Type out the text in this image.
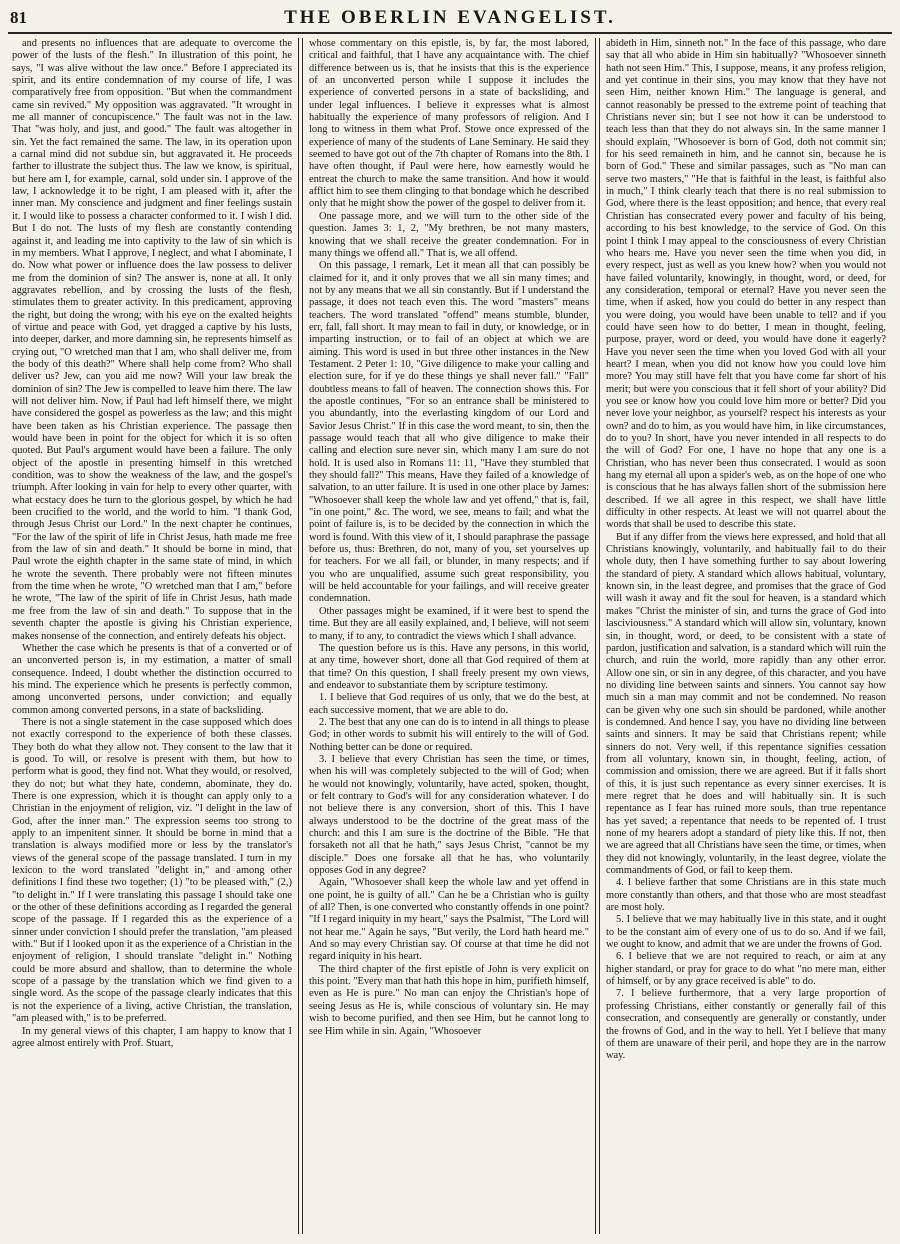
81	THE OBERLIN EVANGELIST.

and presents no influences that are adequate to overcome the power of the lusts of the flesh." In illustration of this point, he says, "I was alive without the law once." Before I appreciated its spirit, and its entire condemnation of my course of life, I was comparatively free from opposition. "But when the commandment came sin revived." My opposition was aggravated. "It wrought in me all manner of concupiscence." The fault was not in the law. That "was holy, and just, and good." The fault was altogether in sin. Yet the fact remained the same. The law, in its operation upon a carnal mind did not subdue sin, but aggravated it. He proceeds farther to illustrate the subject thus. The law we know, is spiritual, but here am I, for example, carnal, sold under sin. I approve of the law, I acknowledge it to be right, I am pleased with it, after the inner man. My conscience and judgment and finer feelings sustain it. I would like to possess a character conformed to it. I wish I did. But I do not. The lusts of my flesh are constantly contending against it, and leading me into captivity to the law of sin which is in my members. What I approve, I neglect, and what I abominate, I do. Now what power or influence does the law possess to deliver me from the dominion of sin? The answer is, none at all. It only aggravates rebellion, and by crossing the lusts of the flesh, stimulates them to greater activity. In this predicament, approving the right, but doing the wrong; with his eye on the exalted heights of virtue and peace with God, yet dragged a captive by his lusts, into deeper, darker, and more damning sin, he represents himself as crying out, "O wretched man that I am, who shall deliver me, from the body of this death?" Where shall help come from? Who shall deliver us? Jew, can you aid me now? Will your law break the dominion of sin? The Jew is compelled to leave him there. The law will not deliver him. Now, if Paul had left himself there, we might have considered the gospel as powerless as the law; and this might have been taken as his Christian experience. The passage then would have been in point for the object for which it is so often quoted. But Paul's argument would have been a failure. The only object of the apostle in presenting himself in this wretched condition, was to show the weakness of the law, and the gospel's triumph. After looking in vain for help to every other quarter, with what ecstacy does he turn to the glorious gospel, by which he had been crucified to the world, and the world to him. "I thank God, through Jesus Christ our Lord." In the next chapter he continues, "For the law of the spirit of life in Christ Jesus, hath made me free from the law of sin and death." It should be borne in mind, that Paul wrote the eighth chapter in the same state of mind, in which he wrote the seventh. There probably were not fifteen minutes from the time when he wrote, "O wretched man that I am," before he wrote, "The law of the spirit of life in Christ Jesus, hath made me free from the law of sin and death." To suppose that in the seventh chapter the apostle is giving his Christian experience, makes nonsense of the connection, and entirely defeats his object.

Whether the case which he presents is that of a converted or of an unconverted person is, in my estimation, a matter of small consequence. Indeed, I doubt whether the distinction occurred to his mind. The experience which he presents is perfectly common, among unconverted persons, under conviction; and equally common among converted persons, in a state of backsliding.

There is not a single statement in the case supposed which does not exactly correspond to the experience of both these classes. They both do what they allow not. They consent to the law that it is good. To will, or resolve is present with them, but how to perform what is good, they find not. What they would, or resolved, they do not; but what they hate, condemn, abominate, they do. There is one expression, which it is thought can apply only to a Christian in the enjoyment of religion, viz. "I delight in the law of God, after the inner man." The expression seems too strong to apply to an impenitent sinner. It should be borne in mind that a translation is always modified more or less by the translator's views of the general scope of the passage translated. I turn in my lexicon to the word translated "delight in," and among other definitions I find these two together; (1) "to be pleased with," (2,) "to delight in." If I were translating this passage I should take one or the other of these definitions according as I regarded the general scope of the passage. If I regarded this as the experience of a sinner under conviction I should prefer the translation, "am pleased with." But if I looked upon it as the experience of a Christian in the enjoyment of religion, I should translate "delight in." Nothing could be more absurd and shallow, than to determine the whole scope of a passage by the translation which we find given to a single word. As the scope of the passage clearly indicates that this is not the experience of a living, active Christian, the translation, "am pleased with," is to be preferred.

In my general views of this chapter, I am happy to know that I agree almost entirely with Prof. Stuart,

whose commentary on this epistle, is, by far, the most labored, critical and faithful, that I have any acquaintance with. The chief difference between us is, that he insists that this is the experience of an unconverted person while I suppose it includes the experience of converted persons in a state of backsliding, and under legal influences. I believe it expresses what is almost habitually the experience of many professors of religion. And I long to witness in them what Prof. Stowe once expressed of the experience of many of the students of Lane Seminary. He said they seemed to have got out of the 7th chapter of Romans into the 8th. I have often thought, if Paul were here, how earnestly would he entreat the church to make the same transition. And how it would afflict him to see them clinging to that bondage which he described only that he might show the power of the gospel to deliver from it.

One passage more, and we will turn to the other side of the question. James 3: 1, 2, "My brethren, be not many masters, knowing that we shall receive the greater condemnation. For in many things we offend all." That is, we all offend.

On this passage, I remark, Let it mean all that can possibly be claimed for it, and it only proves that we all sin many times; and not by any means that we all sin constantly. But if I understand the passage, it does not teach even this. The word "masters" means teachers. The word translated "offend" means stumble, blunder, err, fall, fall short. It may mean to fail in duty, or knowledge, or in imparting instruction, or to fail of an object at which we are aiming. This word is used in but three other instances in the New Testament. 2 Peter 1: 10, "Give diligence to make your calling and election sure, for if ye do these things ye shall never fall." "Fall" doubtless means to fall of heaven. The connection shows this. For the apostle continues, "For so an entrance shall be ministered to you abundantly, into the everlasting kingdom of our Lord and Savior Jesus Christ." If in this case the word meant, to sin, then the passage would teach that all who give diligence to make their calling and election sure never sin, which many I am sure do not hold. It is used also in Romans 11: 11, "Have they stumbled that they should fall?" This means, Have they failed of a knowledge of salvation, to an utter failure. It is used in one other place by James: "Whosoever shall keep the whole law and yet offend," that is, fail, "in one point," &c. The word, we see, means to fail; and what the point of failure is, is to be decided by the connection in which the word is found. With this view of it, I should paraphrase the passage before us, thus: Brethren, do not, many of you, set yourselves up for teachers. For we all fail, or blunder, in many respects; and if you who are unqualified, assume such great responsibility, you will be held accountable for your failings, and will receive greater condemnation.

Other passages might be examined, if it were best to spend the time. But they are all easily explained, and, I believe, will not seem to many, if to any, to contradict the views which I shall advance.

The question before us is this. Have any persons, in this world, at any time, however short, done all that God required of them at that time? On this question, I shall freely present my own views, and endeavor to substantiate them by scripture testimony.

1. I believe that God requires of us only, that we do the best, at each successive moment, that we are able to do.

2. The best that any one can do is to intend in all things to please God; in other words to submit his will entirely to the will of God. Nothing better can be done or required.

3. I believe that every Christian has seen the time, or times, when his will was completely subjected to the will of God; when he would not knowingly, voluntarily, have acted, spoken, thought, or felt contrary to God's will for any consideration whatever. I do not believe there is any conversion, short of this. This I have always understood to be the doctrine of the great mass of the church: and this I am sure is the doctrine of the Bible. "He that forsaketh not all that he hath," says Jesus Christ, "cannot be my disciple." Does one forsake all that he has, who voluntarily opposes God in any degree?

Again, "Whosoever shall keep the whole law and yet offend in one point, he is guilty of all." Can he be a Christian who is guilty of all? Then, is one converted who constantly offends in one point? "If I regard iniquity in my heart," says the Psalmist, "The Lord will not hear me." Again he says, "But verily, the Lord hath heard me." And so may every Christian say. Of course at that time he did not regard iniquity in his heart.

The third chapter of the first epistle of John is very explicit on this point. "Every man that hath this hope in him, purifieth himself, even as He is pure." No man can enjoy the Christian's hope of seeing Jesus as He is, while conscious of voluntary sin. He may wish to become purified, and then see Him, but he cannot long to see Him while in sin. Again, "Whosoever

abideth in Him, sinneth not." In the face of this passage, who dare say that all who abide in Him sin habitually? "Whosoever sinneth hath not seen Him." This, I suppose, means, it any profess religion, and yet continue in their sins, you may know that they have not seen Him, neither known Him." The language is general, and cannot reasonably be pressed to the extreme point of teaching that Christians never sin; but I see not how it can be understood to teach less than that they do not always sin. In the same manner I should explain, "Whosoever is born of God, doth not commit sin; for his seed remaineth in him, and he cannot sin, because he is born of God." These and similar passages, such as "No man can serve two masters," "He that is faithful in the least, is faithful also in much," I think clearly teach that there is no real submission to God, where there is the least opposition; and hence, that every real Christian has consecrated every power and faculty of his being, according to his best knowledge, to the service of God. On this point I think I may appeal to the consciousness of every Christian who hears me. Have you never seen the time when you did, in every respect, just as well as you knew how? when you would not have failed voluntarily, knowingly, in thought, word, or deed, for any consideration, temporal or eternal? Have you never seen the time, when if asked, how you could do better in any respect than you were doing, you would have been unable to tell? and if you could have seen how to do better, I mean in thought, feeling, purpose, prayer, word or deed, you would have done it eagerly? Have you never seen the time when you loved God with all your heart? I mean, when you did not know how you could love him more? You may still have felt that you have come far short of his merit; but were you conscious that it fell short of your ability? Did you see or know how you could love him more or better? Did you never love your neighbor, as yourself? respect his interests as your own? and do to him, as you would have him, in like circumstances, do to you? In short, have you never intended in all respects to do the will of God? For one, I have no hope that any one is a Christian, who has never been thus consecrated. I would as soon hang my eternal all upon a spider's web, as on the hope of one who is conscious that he has always fallen short of the submission here described. If we all agree in this respect, we shall have little difficulty in other respects. At least we will not quarrel about the words that shall be used to describe this state.

But if any differ from the views here expressed, and hold that all Christians knowingly, voluntarily, and habitually fail to do their whole duty, then I have something further to say about lowering the standard of piety. A standard which allows habitual, voluntary, known sin, in the least degree, and promises that the grace of God will wash it away and fit the soul for heaven, is a standard which makes "Christ the minister of sin, and turns the grace of God into lasciviousness." A standard which will allow sin, voluntary, known sin, in thought, word, or deed, to be consistent with a state of pardon, justification and salvation, is a standard which will ruin the church, and ruin the world, more rapidly than any other error. Allow one sin, or sin in any degree, of this character, and you have no dividing line between saints and sinners. You cannot say how much sin a man may commit and not be condemned. No reason can be given why one such sin should be pardoned, while another is condemned. And hence I say, you have no dividing line between saints and sinners. It may be said that Christians repent; while sinners do not. Very well, if this repentance signifies cessation from all voluntary, known sin, in thought, feeling, action, of commission and omission, there we are agreed. But if it falls short of this, it is just such repentance as every sinner exercises. It is mere regret that he does and will habitually sin. It is such repentance as I fear has ruined more souls, than true repentance has yet saved; a repentance that needs to be repented of. I trust none of my hearers adopt a standard of piety like this. If not, then we are agreed that all Christians have seen the time, or times, when they did not knowingly, voluntarily, in the least degree, violate the commandments of God, or fail to keep them.

4. I believe farther that some Christians are in this state much more constantly than others, and that those who are most steadfast are most holy.

5. I believe that we may habitually live in this state, and it ought to be the constant aim of every one of us to do so. And if we fail, we ought to know, and admit that we are under the frowns of God.

6. I believe that we are not required to reach, or aim at any higher standard, or pray for grace to do what "no mere man, either of himself, or by any grace received is able" to do.

7. I believe furthermore, that a very large proportion of professing Christians, either constantly or generally fail of this consecration, and consequently are generally or constantly, under the frowns of God, and in the way to hell. Yet I believe that many of them are unaware of their peril, and hope they are in the narrow way.
